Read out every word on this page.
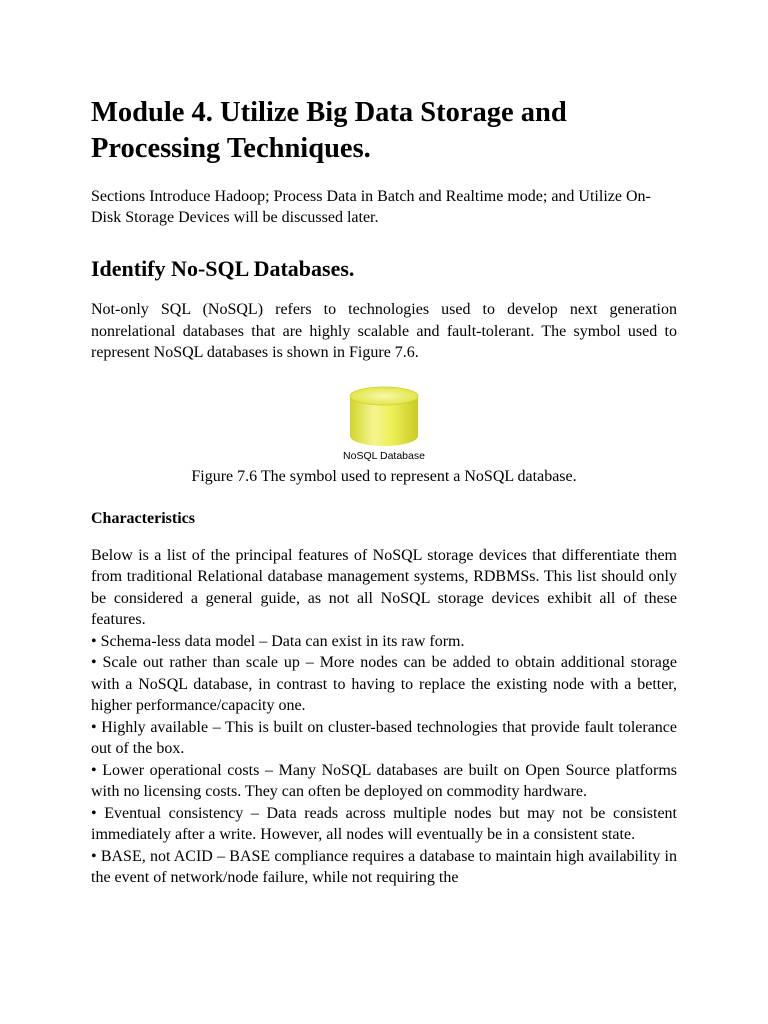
Module 4. Utilize Big Data Storage and
Processing Techniques.

Sections Introduce Hadoop; Process Data in Batch and Realtime mode; and Utilize On-Disk Storage Devices will be discussed later.

Identify No-SQL Databases.

Not-only SQL (NoSQL) refers to technologies used to develop next generation nonrelational databases that are highly scalable and fault-tolerant. The symbol used to represent NoSQL databases is shown in Figure 7.6.

NoSQL Database

Figure 7.6 The symbol used to represent a NoSQL database.

Characteristics

Below is a list of the principal features of NoSQL storage devices that differentiate them from traditional Relational database management systems, RDBMSs. This list should only be considered a general guide, as not all NoSQL storage devices exhibit all of these features.

• Schema-less data model – Data can exist in its raw form.

• Scale out rather than scale up – More nodes can be added to obtain additional storage with a NoSQL database, in contrast to having to replace the existing node with a better, higher performance/capacity one.

• Highly available – This is built on cluster-based technologies that provide fault tolerance out of the box.

• Lower operational costs – Many NoSQL databases are built on Open Source platforms with no licensing costs. They can often be deployed on commodity hardware.

• Eventual consistency – Data reads across multiple nodes but may not be consistent immediately after a write. However, all nodes will eventually be in a consistent state.

• BASE, not ACID – BASE compliance requires a database to maintain high availability in the event of network/node failure, while not requiring the
